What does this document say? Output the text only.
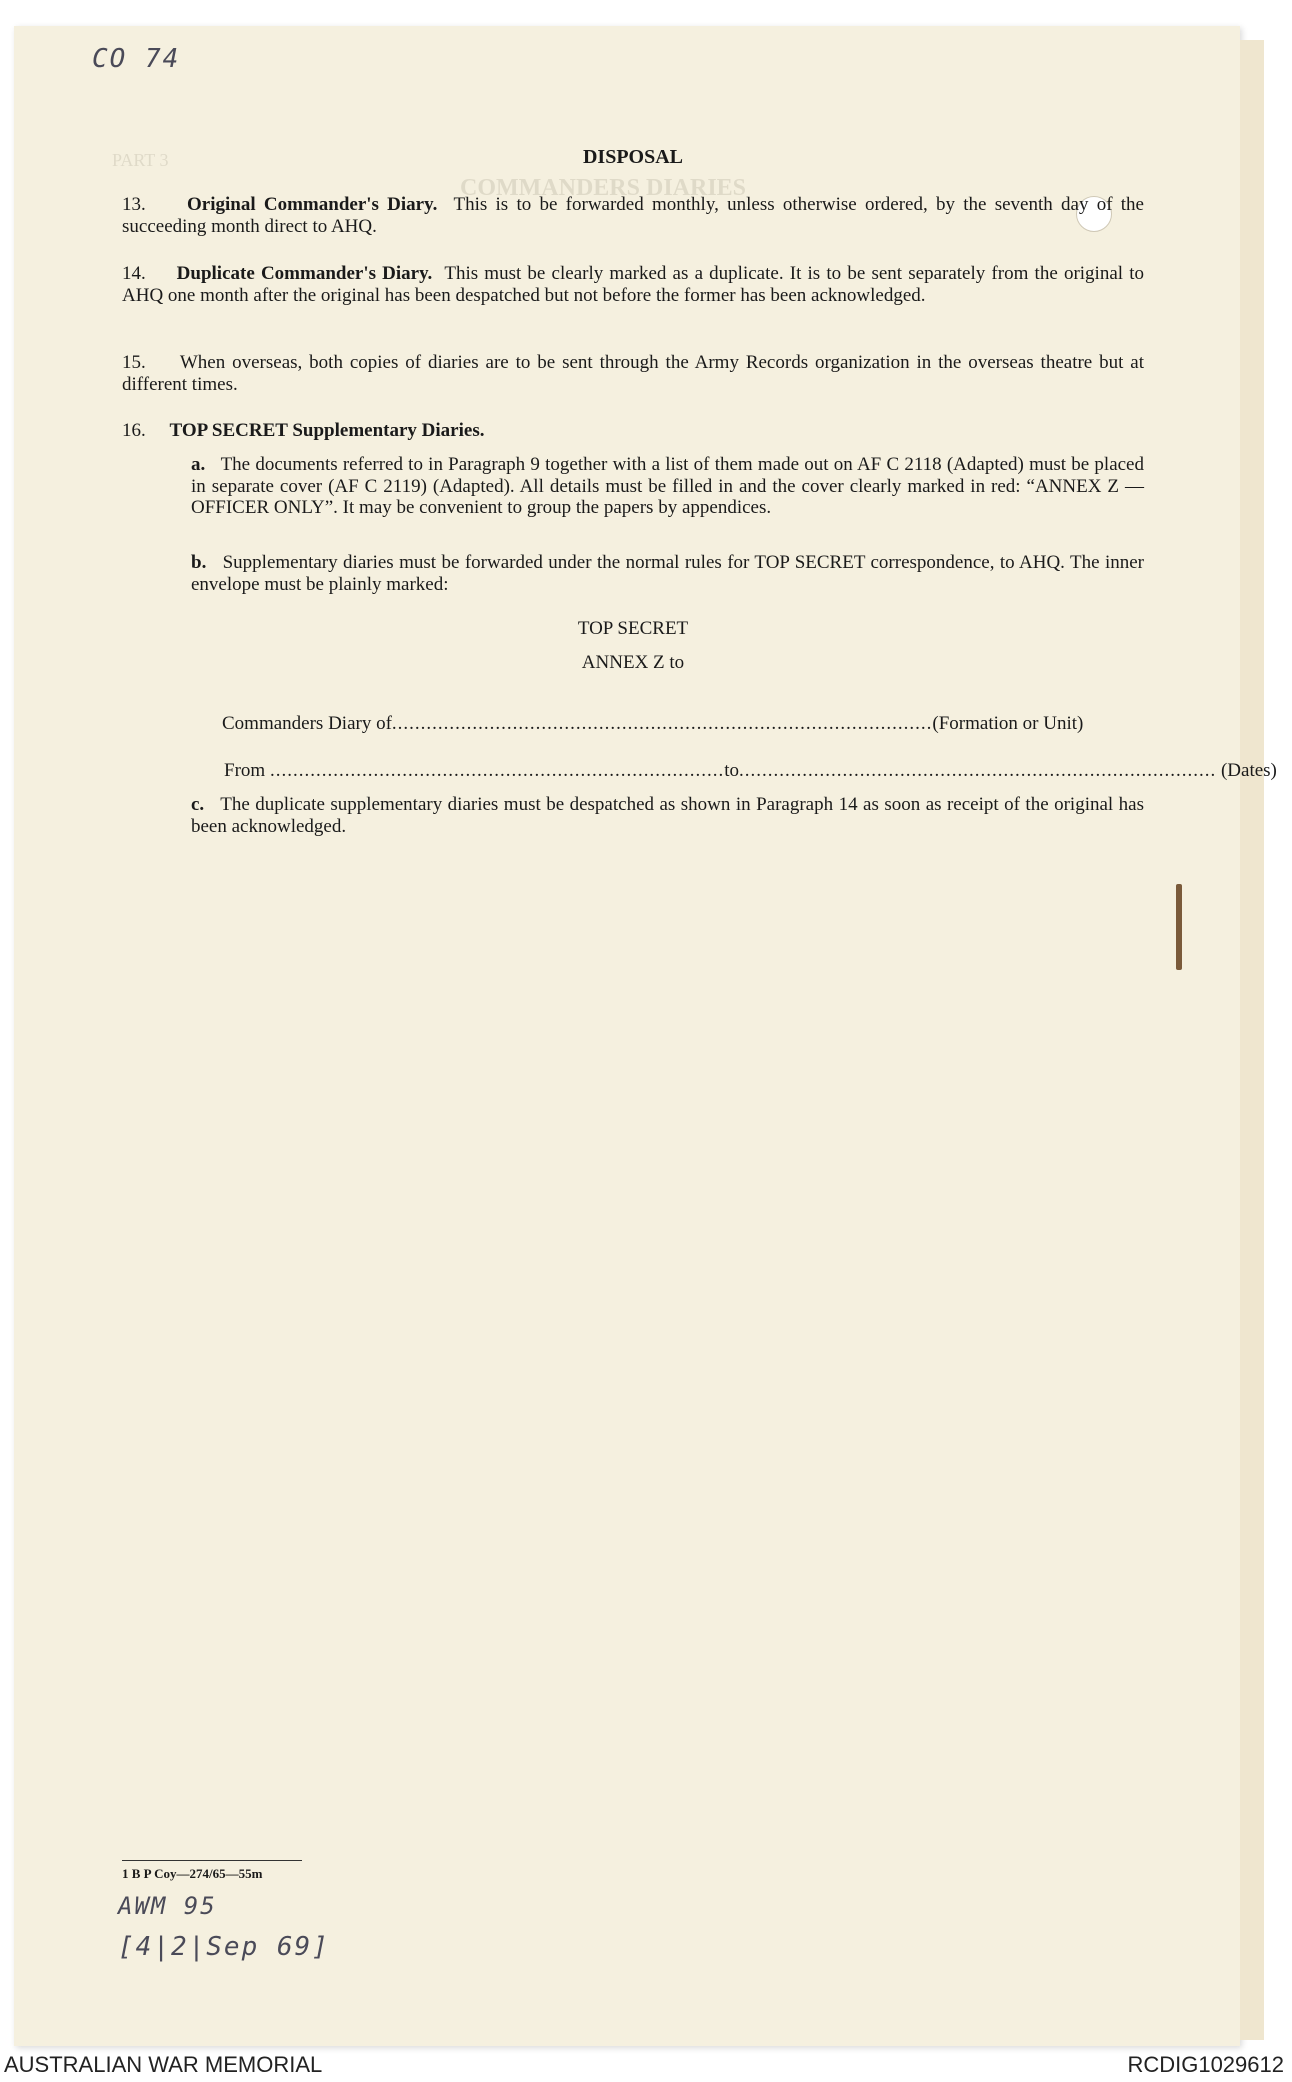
PART 3
COMMANDERS DIARIES
CO 74
DISPOSAL
13. Original Commander's Diary. This is to be forwarded monthly, unless otherwise ordered, by the seventh day of the succeeding month direct to AHQ.
14. Duplicate Commander's Diary. This must be clearly marked as a duplicate. It is to be sent separately from the original to AHQ one month after the original has been despatched but not before the former has been acknowledged.
15. When overseas, both copies of diaries are to be sent through the Army Records organization in the overseas theatre but at different times.
16. TOP SECRET Supplementary Diaries.
a. The documents referred to in Paragraph 9 together with a list of them made out on AF C 2118 (Adapted) must be placed in separate cover (AF C 2119) (Adapted). All details must be filled in and the cover clearly marked in red: “ANNEX Z — OFFICER ONLY”. It may be convenient to group the papers by appendices.
b. Supplementary diaries must be forwarded under the normal rules for TOP SECRET correspondence, to AHQ. The inner envelope must be plainly marked:
TOP SECRET
ANNEX Z to
Commanders Diary of..............................................................................................(Formation or Unit)
From ...............................................................................to................................................................................... (Dates)
c. The duplicate supplementary diaries must be despatched as shown in Paragraph 14 as soon as receipt of the original has been acknowledged.
1 B P Coy—274/65—55m
AWM 95
[4|2|Sep 69]
AUSTRALIAN WAR MEMORIAL	RCDIG1029612
